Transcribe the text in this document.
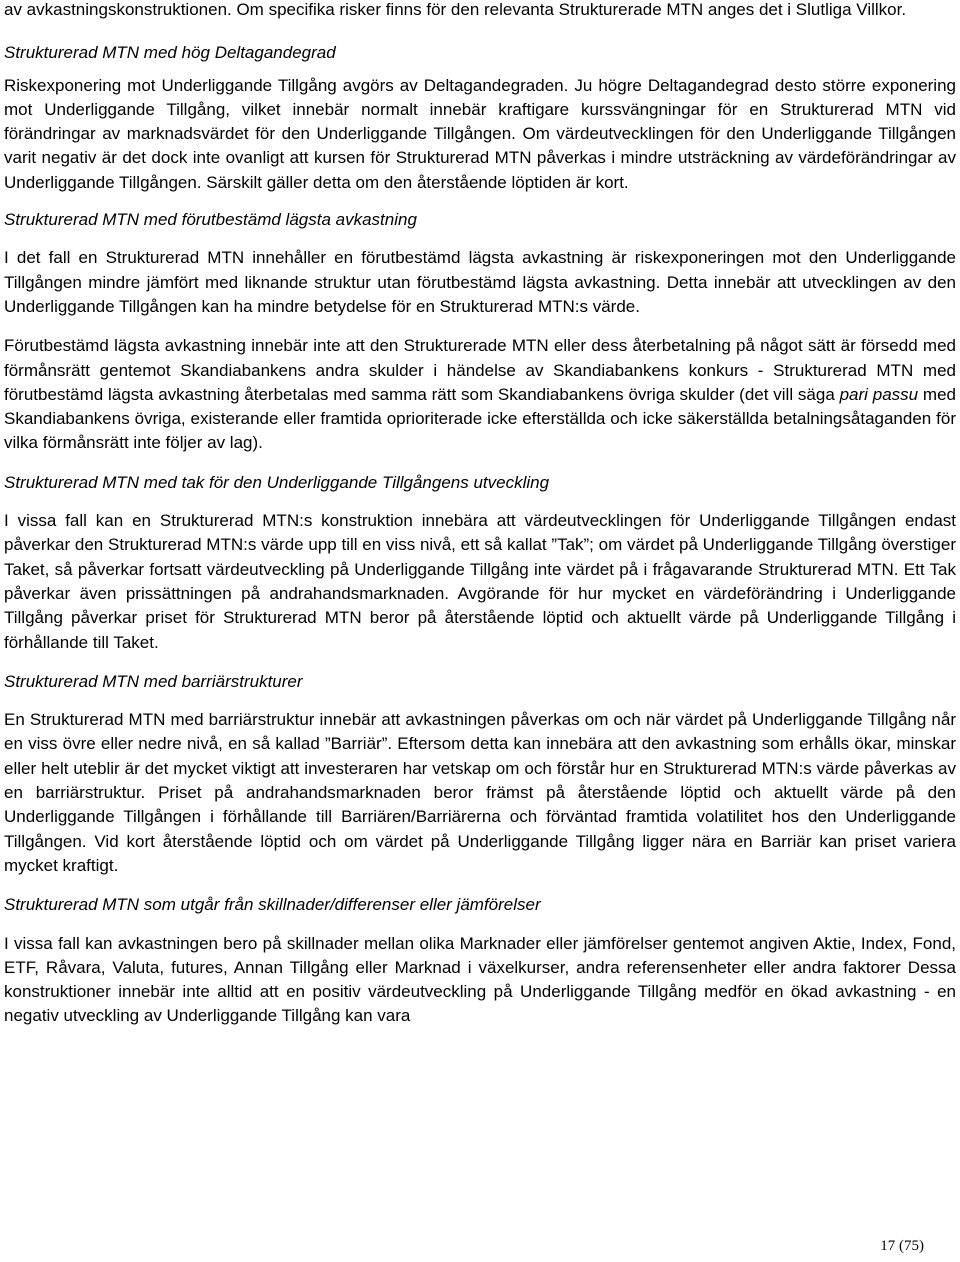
av avkastningskonstruktionen. Om specifika risker finns för den relevanta Strukturerade MTN anges det i Slutliga Villkor.

Strukturerad MTN med hög Deltagandegrad

Riskexponering mot Underliggande Tillgång avgörs av Deltagandegraden. Ju högre Deltagandegrad desto större exponering mot Underliggande Tillgång, vilket innebär normalt innebär kraftigare kurssvängningar för en Strukturerad MTN vid förändringar av marknadsvärdet för den Underliggande Tillgången. Om värdeutvecklingen för den Underliggande Tillgången varit negativ är det dock inte ovanligt att kursen för Strukturerad MTN påverkas i mindre utsträckning av värdeförändringar av Underliggande Tillgången. Särskilt gäller detta om den återstående löptiden är kort.

Strukturerad MTN med förutbestämd lägsta avkastning

I det fall en Strukturerad MTN innehåller en förutbestämd lägsta avkastning är riskexponeringen mot den Underliggande Tillgången mindre jämfört med liknande struktur utan förutbestämd lägsta avkastning. Detta innebär att utvecklingen av den Underliggande Tillgången kan ha mindre betydelse för en Strukturerad MTN:s värde.

Förutbestämd lägsta avkastning innebär inte att den Strukturerade MTN eller dess återbetalning på något sätt är försedd med förmånsrätt gentemot Skandiabankens andra skulder i händelse av Skandiabankens konkurs - Strukturerad MTN med förutbestämd lägsta avkastning återbetalas med samma rätt som Skandiabankens övriga skulder (det vill säga pari passu med Skandiabankens övriga, existerande eller framtida oprioriterade icke efterställda och icke säkerställda betalningsåtaganden för vilka förmånsrätt inte följer av lag).

Strukturerad MTN med tak för den Underliggande Tillgångens utveckling

I vissa fall kan en Strukturerad MTN:s konstruktion innebära att värdeutvecklingen för Underliggande Tillgången endast påverkar den Strukturerad MTN:s värde upp till en viss nivå, ett så kallat ”Tak”; om värdet på Underliggande Tillgång överstiger Taket, så påverkar fortsatt värdeutveckling på Underliggande Tillgång inte värdet på i frågavarande Strukturerad MTN. Ett Tak påverkar även prissättningen på andrahandsmarknaden. Avgörande för hur mycket en värdeförändring i Underliggande Tillgång påverkar priset för Strukturerad MTN beror på återstående löptid och aktuellt värde på Underliggande Tillgång i förhållande till Taket.

Strukturerad MTN med barriärstrukturer

En Strukturerad MTN med barriärstruktur innebär att avkastningen påverkas om och när värdet på Underliggande Tillgång når en viss övre eller nedre nivå, en så kallad ”Barriär”. Eftersom detta kan innebära att den avkastning som erhålls ökar, minskar eller helt uteblir är det mycket viktigt att investeraren har vetskap om och förstår hur en Strukturerad MTN:s värde påverkas av en barriärstruktur. Priset på andrahandsmarknaden beror främst på återstående löptid och aktuellt värde på den Underliggande Tillgången i förhållande till Barriären/Barriärerna och förväntad framtida volatilitet hos den Underliggande Tillgången. Vid kort återstående löptid och om värdet på Underliggande Tillgång ligger nära en Barriär kan priset variera mycket kraftigt.

Strukturerad MTN som utgår från skillnader/differenser eller jämförelser

I vissa fall kan avkastningen bero på skillnader mellan olika Marknader eller jämförelser gentemot angiven Aktie, Index, Fond, ETF, Råvara, Valuta, futures, Annan Tillgång eller Marknad i växelkurser, andra referensenheter eller andra faktorer Dessa konstruktioner innebär inte alltid att en positiv värdeutveckling på Underliggande Tillgång medför en ökad avkastning - en negativ utveckling av Underliggande Tillgång kan vara

17 (75)
